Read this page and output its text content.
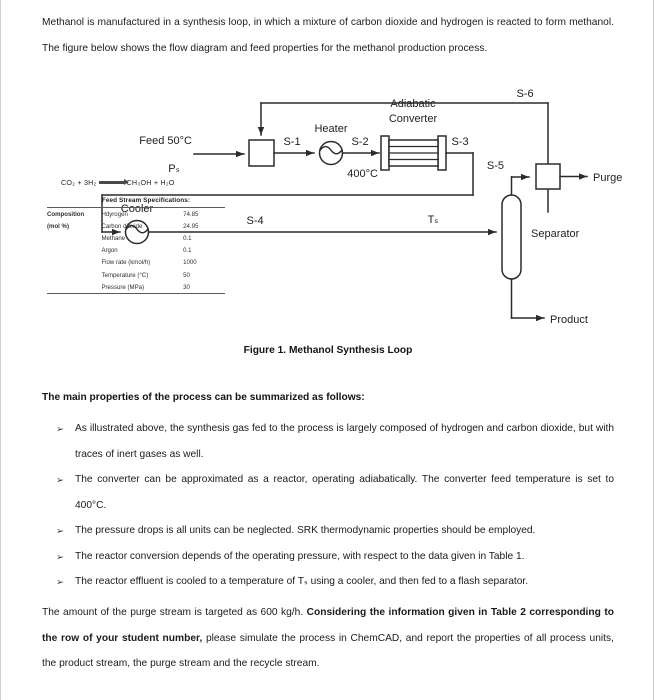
Methanol is manufactured in a synthesis loop, in which a mixture of carbon dioxide and hydrogen is reacted to form methanol. The figure below shows the flow diagram and feed properties for the methanol production process.
S-6
Feed 50°C
Pₛ
S-1
Heater
S-2
Adiabatic
Converter
400°C
S-3
Cooler
S-4	Tₛ
S-5
Purge
Separator
Product
CO₂ + 3H₂ → CH₃OH + H₂O
Feed Stream Specifications:
Composition	Hdyrogen	74.85
(mol %)	Carbon dioxide	24.95
	Methane	0.1
	Argon	0.1
	Flow rate (kmol/h)	1000
	Temperature (°C)	50
	Pressure (MPa)	30
Figure 1. Methanol Synthesis Loop
The main properties of the process can be summarized as follows:
➢ As illustrated above, the synthesis gas fed to the process is largely composed of hydrogen and carbon dioxide, but with traces of inert gases as well.
➢ The converter can be approximated as a reactor, operating adiabatically. The converter feed temperature is set to 400°C.
➢ The pressure drops is all units can be neglected. SRK thermodynamic properties should be employed.
➢ The reactor conversion depends of the operating pressure, with respect to the data given in Table 1.
➢ The reactor effluent is cooled to a temperature of Tₛ using a cooler, and then fed to a flash separator.
The amount of the purge stream is targeted as 600 kg/h. Considering the information given in Table 2 corresponding to the row of your student number, please simulate the process in ChemCAD, and report the properties of all process units, the product stream, the purge stream and the recycle stream.
